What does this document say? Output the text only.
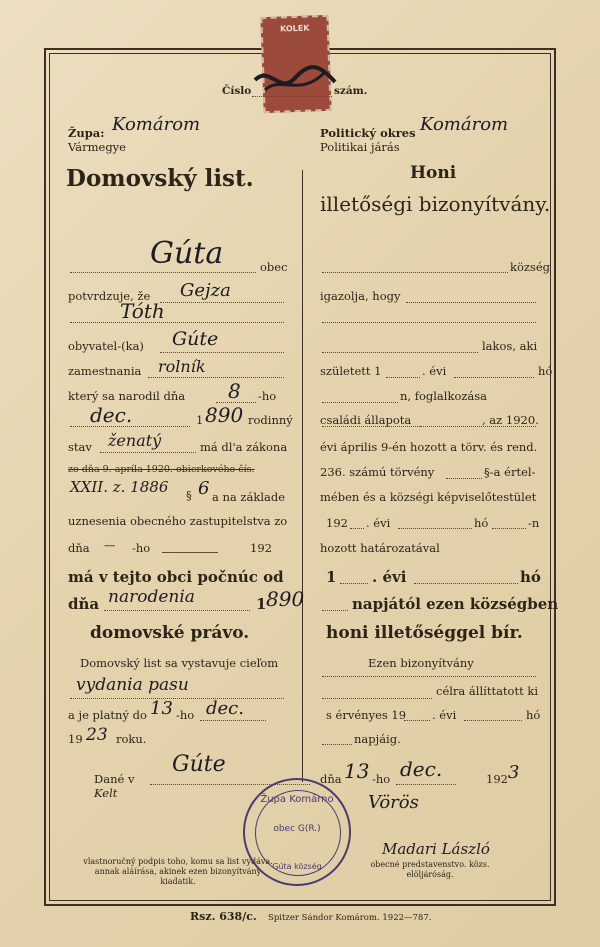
KOLEK
Číslo	szám.
Župa: Komárom
Vármegye
Politický okres Komárom
Politikai járás
Domovský list.	Honi
illetőségi bizonyítvány.
Gúta	obec
potvrdzuje, že Gejza
Tóth
obyvatel-(ka) Gúte
zamestnania rolník
který sa narodil dňa 8 -ho
dec.	1 890 rodinný
stav ženatý	má dl'a zákona
zo dňa 9. apríla 1920. obierkového čís.
XXII. z. 1886 § 6 a na základe
uznesenia obecného zastupitelstva zo
dňa — -ho	192
má v tejto obci počnúc od
dňa narodenia	1 890
domovské právo.
Domovský list sa vystavuje cieľom
vydania pasu
a je platný do 13 -ho dec.
19 23 roku.
Dané v
Kelt
Gúte
vlastnoručný podpis toho, komu sa list vydáva. annak aláírása, akinek ezen bizonyítvány kiadatik.
község
igazolja, hogy
lakos, aki
született 1	. évi	hó
n, foglalkozása
családi állapota	, az 1920.
évi április 9-én hozott a törv. és rend.
236. számú törvény	§-a értel-
mében és a községi képviselőtestület
192 . évi	hó	-n
hozott határozatával
1 . évi	hó
napjától ezen községben
honi illetőséggel bír.
Ezen bizonyítvány
célra állíttatott ki
s érvényes 19 . évi	hó
napjáig.
dňa 13 -ho dec.	192 3
Vörös
Madari László
obecné predstavenstvo. közs. elöljáróság.
Župa Komárno
obec G(R.)
Gúta község
Rsz. 638/c. Spitzer Sándor Komárom. 1922—787.
